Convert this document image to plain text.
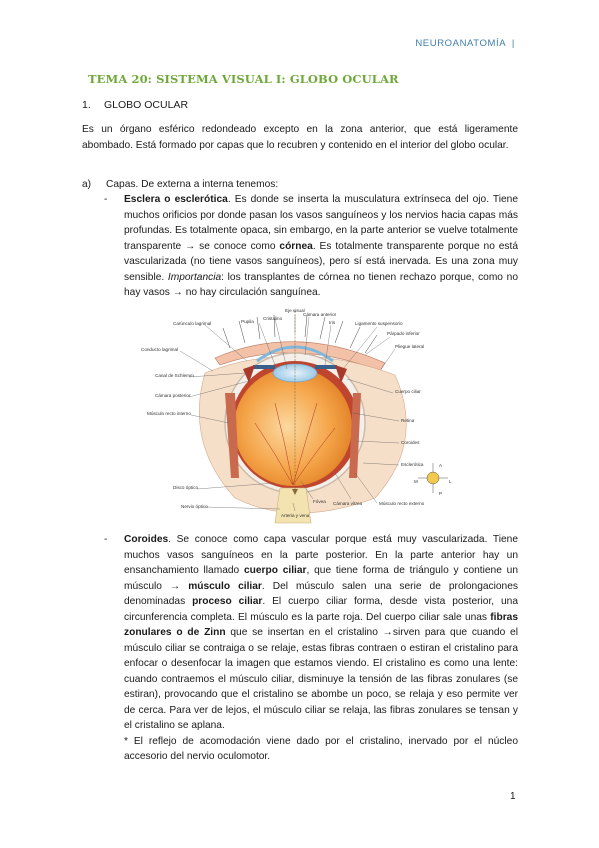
NEUROANATOMÍA |
TEMA 20: SISTEMA VISUAL I: GLOBO OCULAR
1. GLOBO OCULAR
Es un órgano esférico redondeado excepto en la zona anterior, que está ligeramente abombado. Está formado por capas que lo recubren y contenido en el interior del globo ocular.
a) Capas. De externa a interna tenemos:
- Esclera o esclerótica. Es donde se inserta la musculatura extrínseca del ojo. Tiene muchos orificios por donde pasan los vasos sanguíneos y los nervios hacia capas más profundas. Es totalmente opaca, sin embargo, en la parte anterior se vuelve totalmente transparente → se conoce como córnea. Es totalmente transparente porque no está vascularizada (no tiene vasos sanguíneos), pero sí está inervada. Es una zona muy sensible. Importancia: los transplantes de córnea no tienen rechazo porque, como no hay vasos → no hay circulación sanguínea.
Eje visual
Pupila
Cristalino
Cámara anterior
Iris	Ligamento suspensorio
Carúnculo lagrimal
Párpado inferior
Pliegue lateral
Conducto lagrimal
Canal de Schlemm
Cámara posterior
Cuerpo ciliar
Músculo recto interno
Retina
Coroides
Esclerótica
Disco óptico
Nervio óptico
Fóvea
Arteria y vena
Cámara vítrea	Músculo recto externo
A
M	L
P
- Coroides. Se conoce como capa vascular porque está muy vascularizada. Tiene muchos vasos sanguíneos en la parte posterior. En la parte anterior hay un ensanchamiento llamado cuerpo ciliar, que tiene forma de triángulo y contiene un músculo → músculo ciliar. Del músculo salen una serie de prolongaciones denominadas proceso ciliar. El cuerpo ciliar forma, desde vista posterior, una circunferencia completa. El músculo es la parte roja. Del cuerpo ciliar sale unas fibras zonulares o de Zinn que se insertan en el cristalino →sirven para que cuando el músculo ciliar se contraiga o se relaje, estas fibras contraen o estiran el cristalino para enfocar o desenfocar la imagen que estamos viendo. El cristalino es como una lente: cuando contraemos el músculo ciliar, disminuye la tensión de las fibras zonulares (se estiran), provocando que el cristalino se abombe un poco, se relaja y eso permite ver de cerca. Para ver de lejos, el músculo ciliar se relaja, las fibras zonulares se tensan y el cristalino se aplana.
* El reflejo de acomodación viene dado por el cristalino, inervado por el núcleo accesorio del nervio oculomotor.
1
